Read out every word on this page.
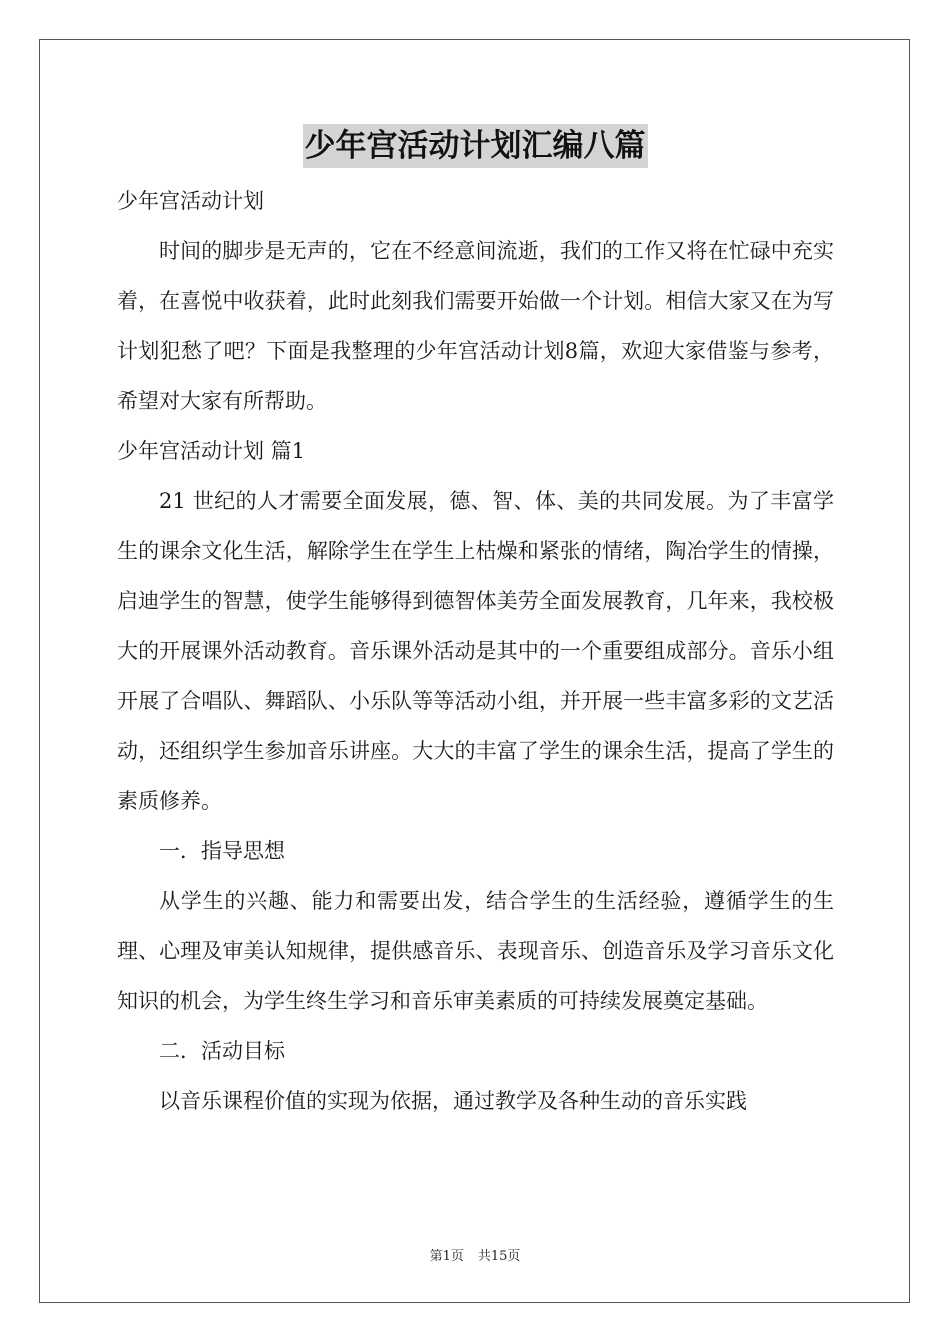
少年宫活动计划汇编八篇

少年宫活动计划

时间的脚步是无声的，它在不经意间流逝，我们的工作又将在忙碌中充实着，在喜悦中收获着，此时此刻我们需要开始做一个计划。相信大家又在为写计划犯愁了吧？下面是我整理的少年宫活动计划8篇，欢迎大家借鉴与参考，希望对大家有所帮助。

少年宫活动计划 篇1

21 世纪的人才需要全面发展，德、智、体、美的共同发展。为了丰富学生的课余文化生活，解除学生在学生上枯燥和紧张的情绪，陶冶学生的情操，启迪学生的智慧，使学生能够得到德智体美劳全面发展教育，几年来，我校极大的开展课外活动教育。音乐课外活动是其中的一个重要组成部分。音乐小组开展了合唱队、舞蹈队、小乐队等等活动小组，并开展一些丰富多彩的文艺活动，还组织学生参加音乐讲座。大大的丰富了学生的课余生活，提高了学生的素质修养。

一．指导思想

从学生的兴趣、能力和需要出发，结合学生的生活经验，遵循学生的生理、心理及审美认知规律，提供感音乐、表现音乐、创造音乐及学习音乐文化知识的机会，为学生终生学习和音乐审美素质的可持续发展奠定基础。

二．活动目标

以音乐课程价值的实现为依据，通过教学及各种生动的音乐实践

第1页 共15页
